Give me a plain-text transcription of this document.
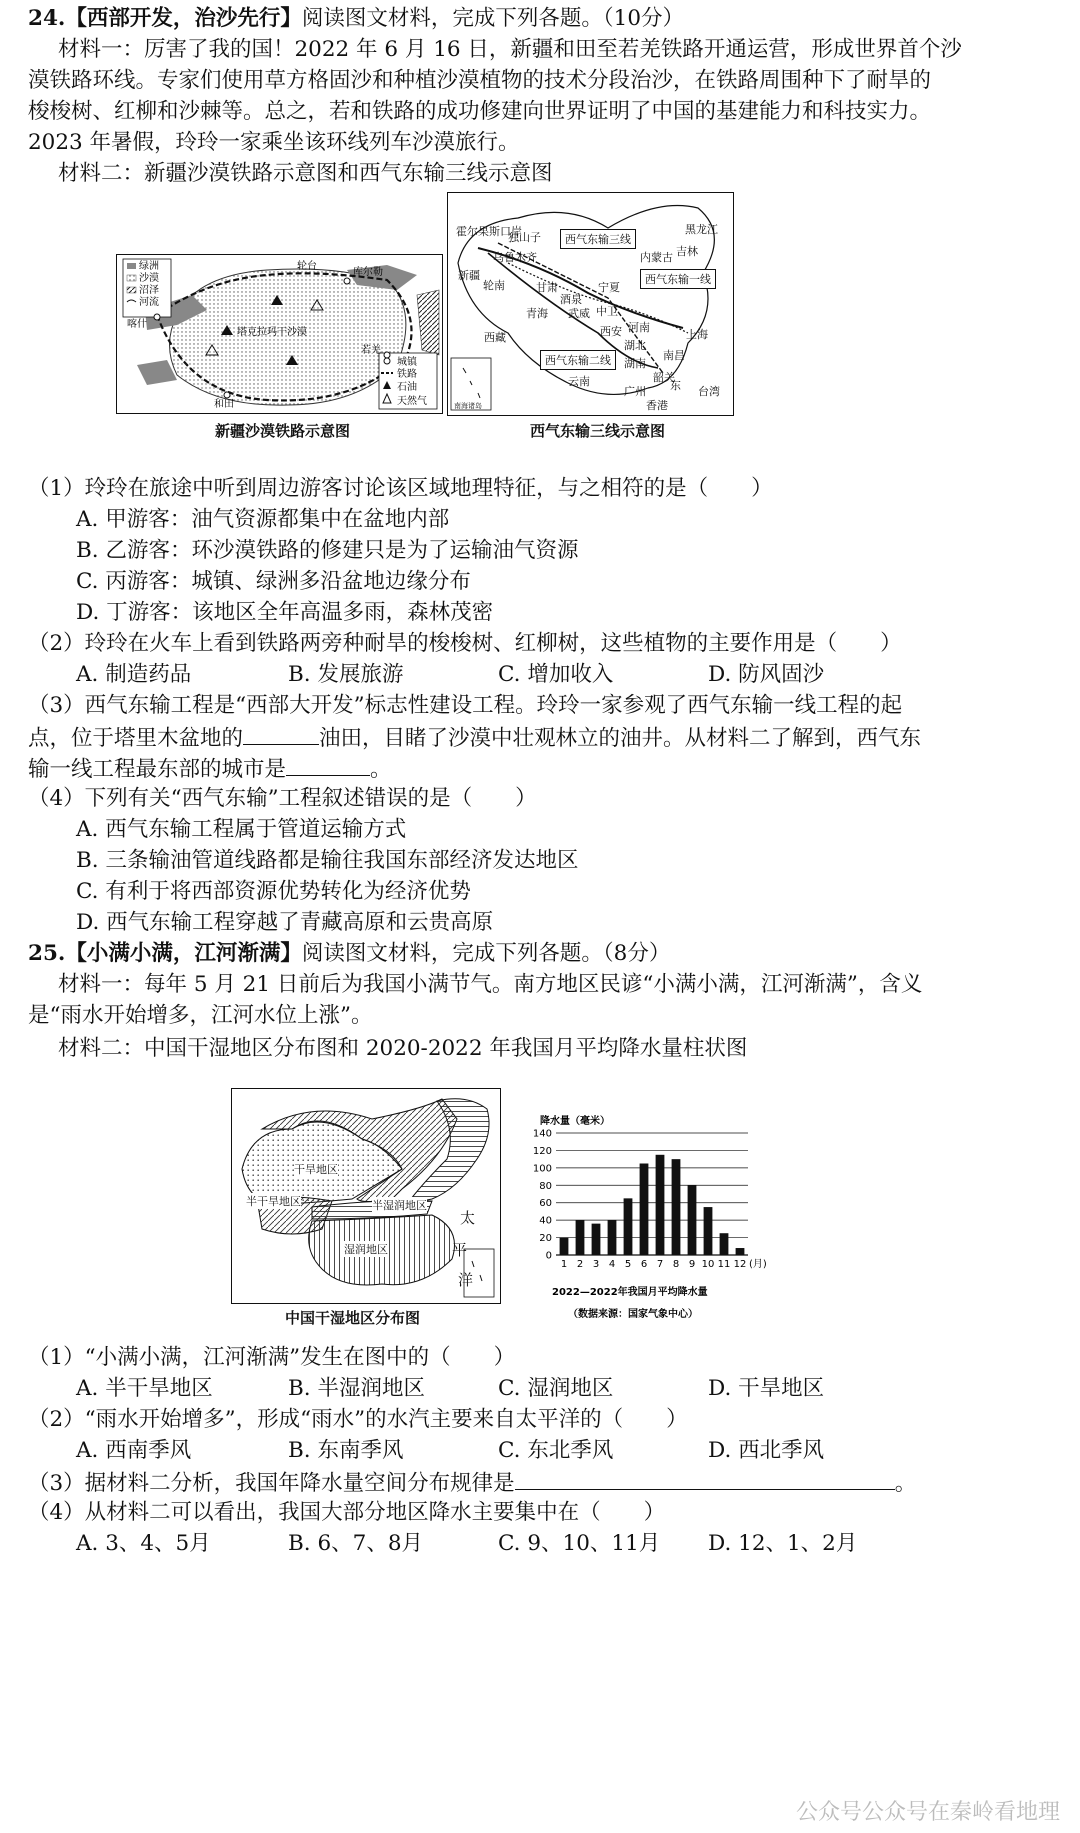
24.【西部开发，治沙先行】阅读图文材料，完成下列各题。（10分）
材料一：厉害了我的国！2022 年 6 月 16 日，新疆和田至若羌铁路开通运营，形成世界首个沙
漠铁路环线。专家们使用草方格固沙和种植沙漠植物的技术分段治沙，在铁路周围种下了耐旱的
梭梭树、红柳和沙棘等。总之，若和铁路的成功修建向世界证明了中国的基建能力和科技实力。
2023 年暑假，玲玲一家乘坐该环线列车沙漠旅行。
材料二：新疆沙漠铁路示意图和西气东输三线示意图
绿洲
沙漠
沼泽
河流
城镇
铁路
石油
天然气
塔克拉玛干沙漠
喀什
和田
库尔勒
若羌
轮台
新疆沙漠铁路示意图
西气东输三线
西气东输一线
西气东输二线
南海诸岛
霍尔果斯口岸
独山子
乌鲁木齐
新疆
轮南
黑龙江
吉林
内蒙古
甘肃	宁夏
青海
西藏
酒泉
武威 中卫
西安 河南
湖北
上海
南昌
湖南
云南
广州
韶关
台湾
香港
东
西气东输三线示意图
（1）玲玲在旅途中听到周边游客讨论该区域地理特征，与之相符的是（　　）
A. 甲游客：油气资源都集中在盆地内部
B. 乙游客：环沙漠铁路的修建只是为了运输油气资源
C. 丙游客：城镇、绿洲多沿盆地边缘分布
D. 丁游客：该地区全年高温多雨，森林茂密
（2）玲玲在火车上看到铁路两旁种耐旱的梭梭树、红柳树，这些植物的主要作用是（　　）
A. 制造药品	B. 发展旅游	C. 增加收入	D. 防风固沙
（3）西气东输工程是“西部大开发”标志性建设工程。玲玲一家参观了西气东输一线工程的起
点，位于塔里木盆地的	油田，目睹了沙漠中壮观林立的油井。从材料二了解到，西气东
输一线工程最东部的城市是	。
（4）下列有关“西气东输”工程叙述错误的是（　　）
A. 西气东输工程属于管道运输方式
B. 三条输油管道线路都是输往我国东部经济发达地区
C. 有利于将西部资源优势转化为经济优势
D. 西气东输工程穿越了青藏高原和云贵高原
25.【小满小满，江河渐满】阅读图文材料，完成下列各题。（8分）
材料一：每年 5 月 21 日前后为我国小满节气。南方地区民谚“小满小满，江河渐满”，含义
是“雨水开始增多，江河水位上涨”。
材料二：中国干湿地区分布图和 2020-2022 年我国月平均降水量柱状图
干旱地区
半干旱地区	半湿润地区
湿润地区
太
平
洋
中国干湿地区分布图
降水量（毫米）
0
20
40
60
80
100
120
140
1 2 3 4 5 6 7 8 9 10 11 12 (月)
2022—2022年我国月平均降水量
（数据来源：国家气象中心）
（1）“小满小满，江河渐满”发生在图中的（　　）
A. 半干旱地区	B. 半湿润地区	C. 湿润地区	D. 干旱地区
（2）“雨水开始增多”，形成“雨水”的水汽主要来自太平洋的（　　）
A. 西南季风	B. 东南季风	C. 东北季风	D. 西北季风
（3）据材料二分析，我国年降水量空间分布规律是	。
（4）从材料二可以看出，我国大部分地区降水主要集中在（　　）
A. 3、4、5月	B. 6、7、8月	C. 9、10、11月	D. 12、1、2月
公众号公众号在秦岭看地理
